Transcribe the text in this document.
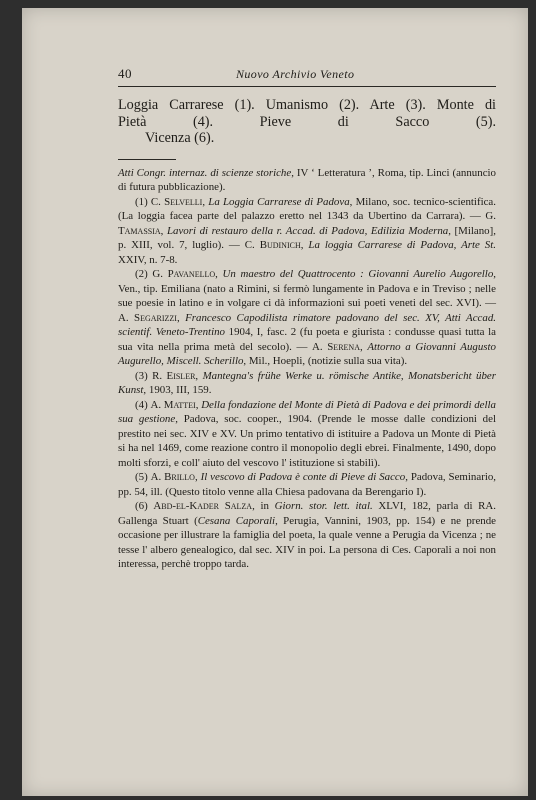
40	Nuovo Archivio Veneto
Loggia Carrarese (1). Umanismo (2). Arte (3). Monte di
Pietà (4). Pieve di Sacco (5).
Vicenza (6).

Atti Congr. internaz. di scienze storiche, IV ‘ Letteratura ’, Roma, tip. Linci (annuncio di futura pubblicazione).

(1) C. Selvelli, La Loggia Carrarese di Padova, Milano, soc. tecnico-scientifica. (La loggia facea parte del palazzo eretto nel 1343 da Ubertino da Carrara). — G. Tamassia, Lavori di restauro della r. Accad. di Padova, Edilizia Moderna, [Milano], p. XIII, vol. 7, luglio). — C. Budinich, La loggia Carrarese di Padova, Arte St. XXIV, n. 7-8.

(2) G. Pavanello, Un maestro del Quattrocento : Giovanni Aurelio Augorello, Ven., tip. Emiliana (nato a Rimini, si fermò lungamente in Padova e in Treviso ; nelle sue poesie in latino e in volgare ci dà informazioni sui poeti veneti del sec. XVI). — A. Segarizzi, Francesco Capodilista rimatore padovano del sec. XV, Atti Accad. scientif. Veneto-Trentino 1904, I, fasc. 2 (fu poeta e giurista : condusse quasi tutta la sua vita nella prima metà del secolo). — A. Serena, Attorno a Giovanni Augusto Augurello, Miscell. Scherillo, Mil., Hoepli, (notizie sulla sua vita).

(3) R. Eisler, Mantegna's frühe Werke u. römische Antike, Monatsbericht über Kunst, 1903, III, 159.

(4) A. Mattei, Della fondazione del Monte di Pietà di Padova e dei primordi della sua gestione, Padova, soc. cooper., 1904. (Prende le mosse dalle condizioni del prestito nei sec. XIV e XV. Un primo tentativo di istituire a Padova un Monte di Pietà si ha nel 1469, come reazione contro il monopolio degli ebrei. Finalmente, 1490, dopo molti sforzi, e coll' aiuto del vescovo l' istituzione si stabilì).

(5) A. Brillo, Il vescovo di Padova è conte di Pieve di Sacco, Padova, Seminario, pp. 54, ill. (Questo titolo venne alla Chiesa padovana da Berengario I).

(6) Abd-el-Kader Salza, in Giorn. stor. lett. ital. XLVI, 182, parla di RA. Gallenga Stuart (Cesana Caporali, Perugia, Vannini, 1903, pp. 154) e ne prende occasione per illustrare la famiglia del poeta, la quale venne a Perugia da Vicenza ; ne tesse l' albero genealogico, dal sec. XIV in poi. La persona di Ces. Caporali a noi non interessa, perchè troppo tarda.
